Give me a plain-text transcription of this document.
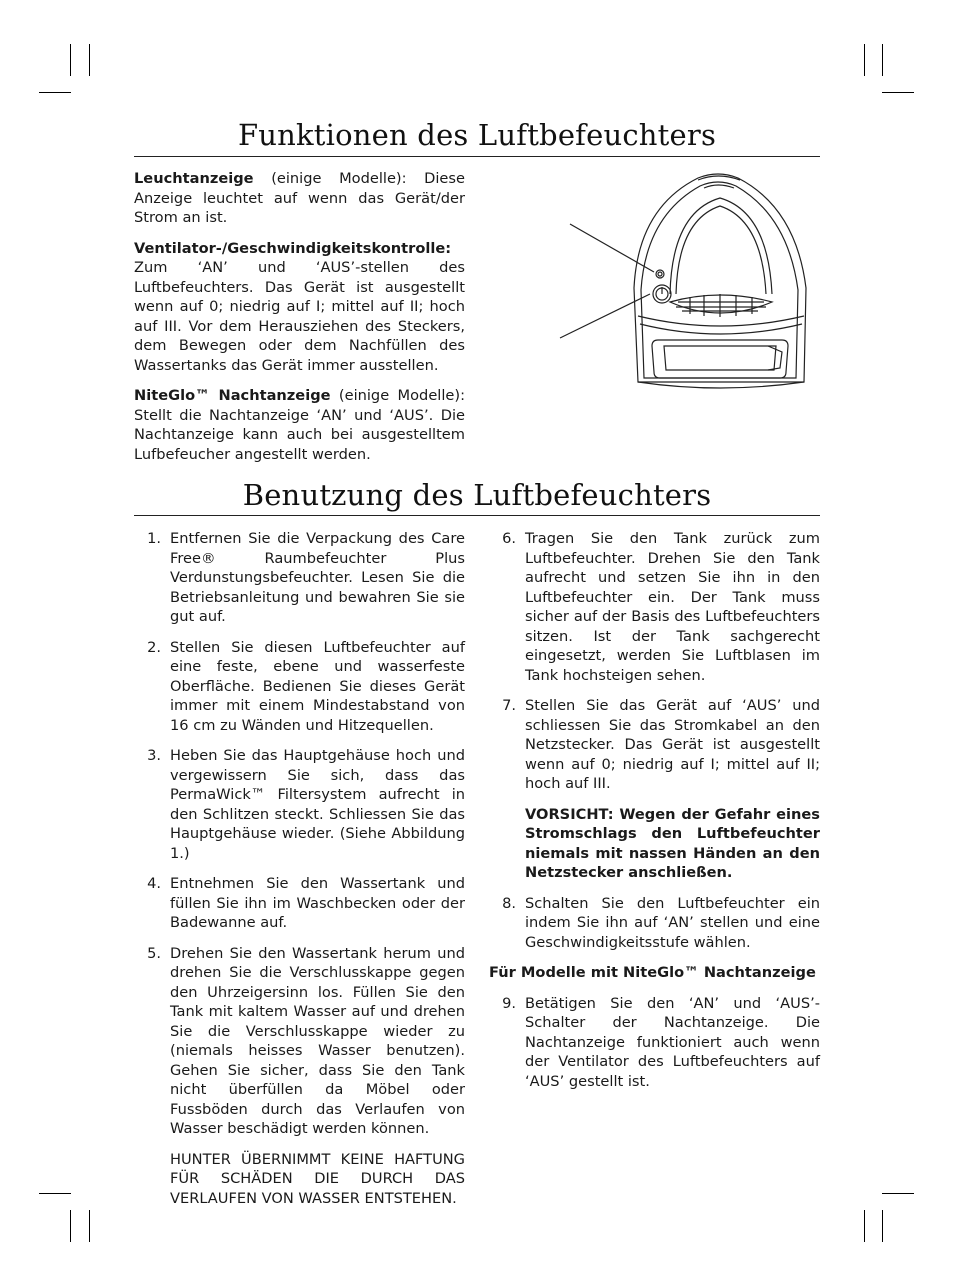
Funktionen des Luftbefeuchters

Leuchtanzeige (einige Modelle): Diese Anzeige leuchtet auf wenn das Gerät/der Strom an ist.

Ventilator-/Geschwindigkeitskontrolle: Zum ‘AN’ und ‘AUS’-stellen des Luftbefeuchters. Das Gerät ist ausgestellt wenn auf 0; niedrig auf I; mittel auf II; hoch auf III. Vor dem Herausziehen des Steckers, dem Bewegen oder dem Nachfüllen des Wassertanks das Gerät immer ausstellen.

NiteGlo™ Nachtanzeige (einige Modelle): Stellt die Nachtanzeige ‘AN’ und ‘AUS’. Die Nachtanzeige kann auch bei ausgestelltem Lufbefeucher angestellt werden.

Benutzung des Luftbefeuchters
1. Entfernen Sie die Verpackung des Care Free® Raumbefeuchter Plus Verdunstungsbefeuchter. Lesen Sie die Betriebsanleitung und bewahren Sie sie gut auf.
2. Stellen Sie diesen Luftbefeuchter auf eine feste, ebene und wasserfeste Oberfläche. Bedienen Sie dieses Gerät immer mit einem Mindestabstand von 16 cm zu Wänden und Hitzequellen.
3. Heben Sie das Hauptgehäuse hoch und vergewissern Sie sich, dass das PermaWick™ Filtersystem aufrecht in den Schlitzen steckt. Schliessen Sie das Hauptgehäuse wieder. (Siehe Abbildung 1.)
4. Entnehmen Sie den Wassertank und füllen Sie ihn im Waschbecken oder der Badewanne auf.
5. Drehen Sie den Wassertank herum und drehen Sie die Verschlusskappe gegen den Uhrzeigersinn los. Füllen Sie den Tank mit kaltem Wasser auf und drehen Sie die Verschlusskappe wieder zu (niemals heisses Wasser benutzen). Gehen Sie sicher, dass Sie den Tank nicht überfüllen da Möbel oder Fussböden durch das Verlaufen von Wasser beschädigt werden können.
HUNTER ÜBERNIMMT KEINE HAFTUNG FÜR SCHÄDEN DIE DURCH DAS VERLAUFEN VON WASSER ENTSTEHEN.
6. Tragen Sie den Tank zurück zum Luftbefeuchter. Drehen Sie den Tank aufrecht und setzen Sie ihn in den Luftbefeuchter ein. Der Tank muss sicher auf der Basis des Luftbefeuchters sitzen. Ist der Tank sachgerecht eingesetzt, werden Sie Luftblasen im Tank hochsteigen sehen.
7. Stellen Sie das Gerät auf ‘AUS’ und schliessen Sie das Stromkabel an den Netzstecker. Das Gerät ist ausgestellt wenn auf 0; niedrig auf I; mittel auf II; hoch auf III.
VORSICHT: Wegen der Gefahr eines Stromschlags den Luftbefeuchter niemals mit nassen Händen an den Netzstecker anschließen.
8. Schalten Sie den Luftbefeuchter ein indem Sie ihn auf ‘AN’ stellen und eine Geschwindigkeitsstufe wählen.
Für Modelle mit NiteGlo™ Nachtanzeige
9. Betätigen Sie den ‘AN’ und ‘AUS’-Schalter der Nachtanzeige. Die Nachtanzeige funktioniert auch wenn der Ventilator des Luftbefeuchters auf ‘AUS’ gestellt ist.
